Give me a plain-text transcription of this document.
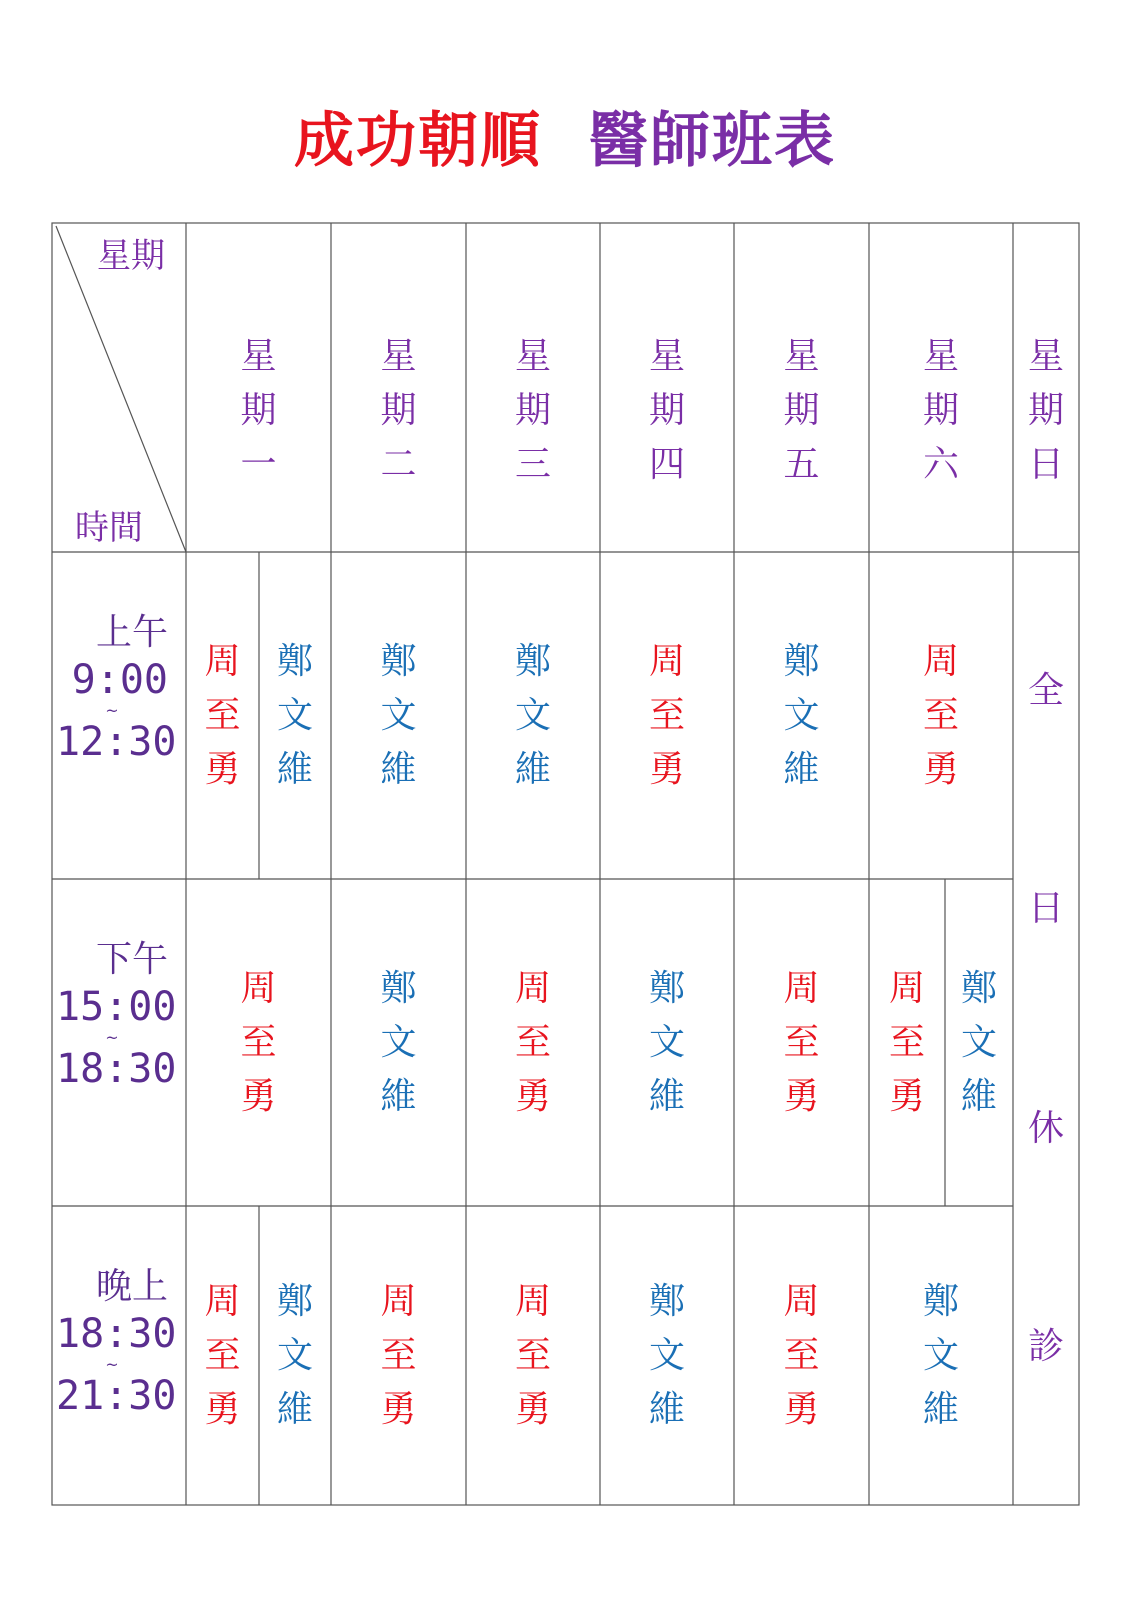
成功朝順 醫師班表
星期
時間
星
期
一
星
期
二
星
期
三
星
期
四
星
期
五
星
期
六
星
期
日
上午
9:00
~
12:30
下午
15:00
~
18:30
晚上
18:30
~
21:30
周
至
勇
鄭
文
維
鄭
文
維
鄭
文
維
周
至
勇
鄭
文
維
周
至
勇
周
至
勇
鄭
文
維
周
至
勇
鄭
文
維
周
至
勇
周
至
勇
鄭
文
維
周
至
勇
鄭
文
維
周
至
勇
周
至
勇
鄭
文
維
周
至
勇
鄭
文
維
全
日
休
診
